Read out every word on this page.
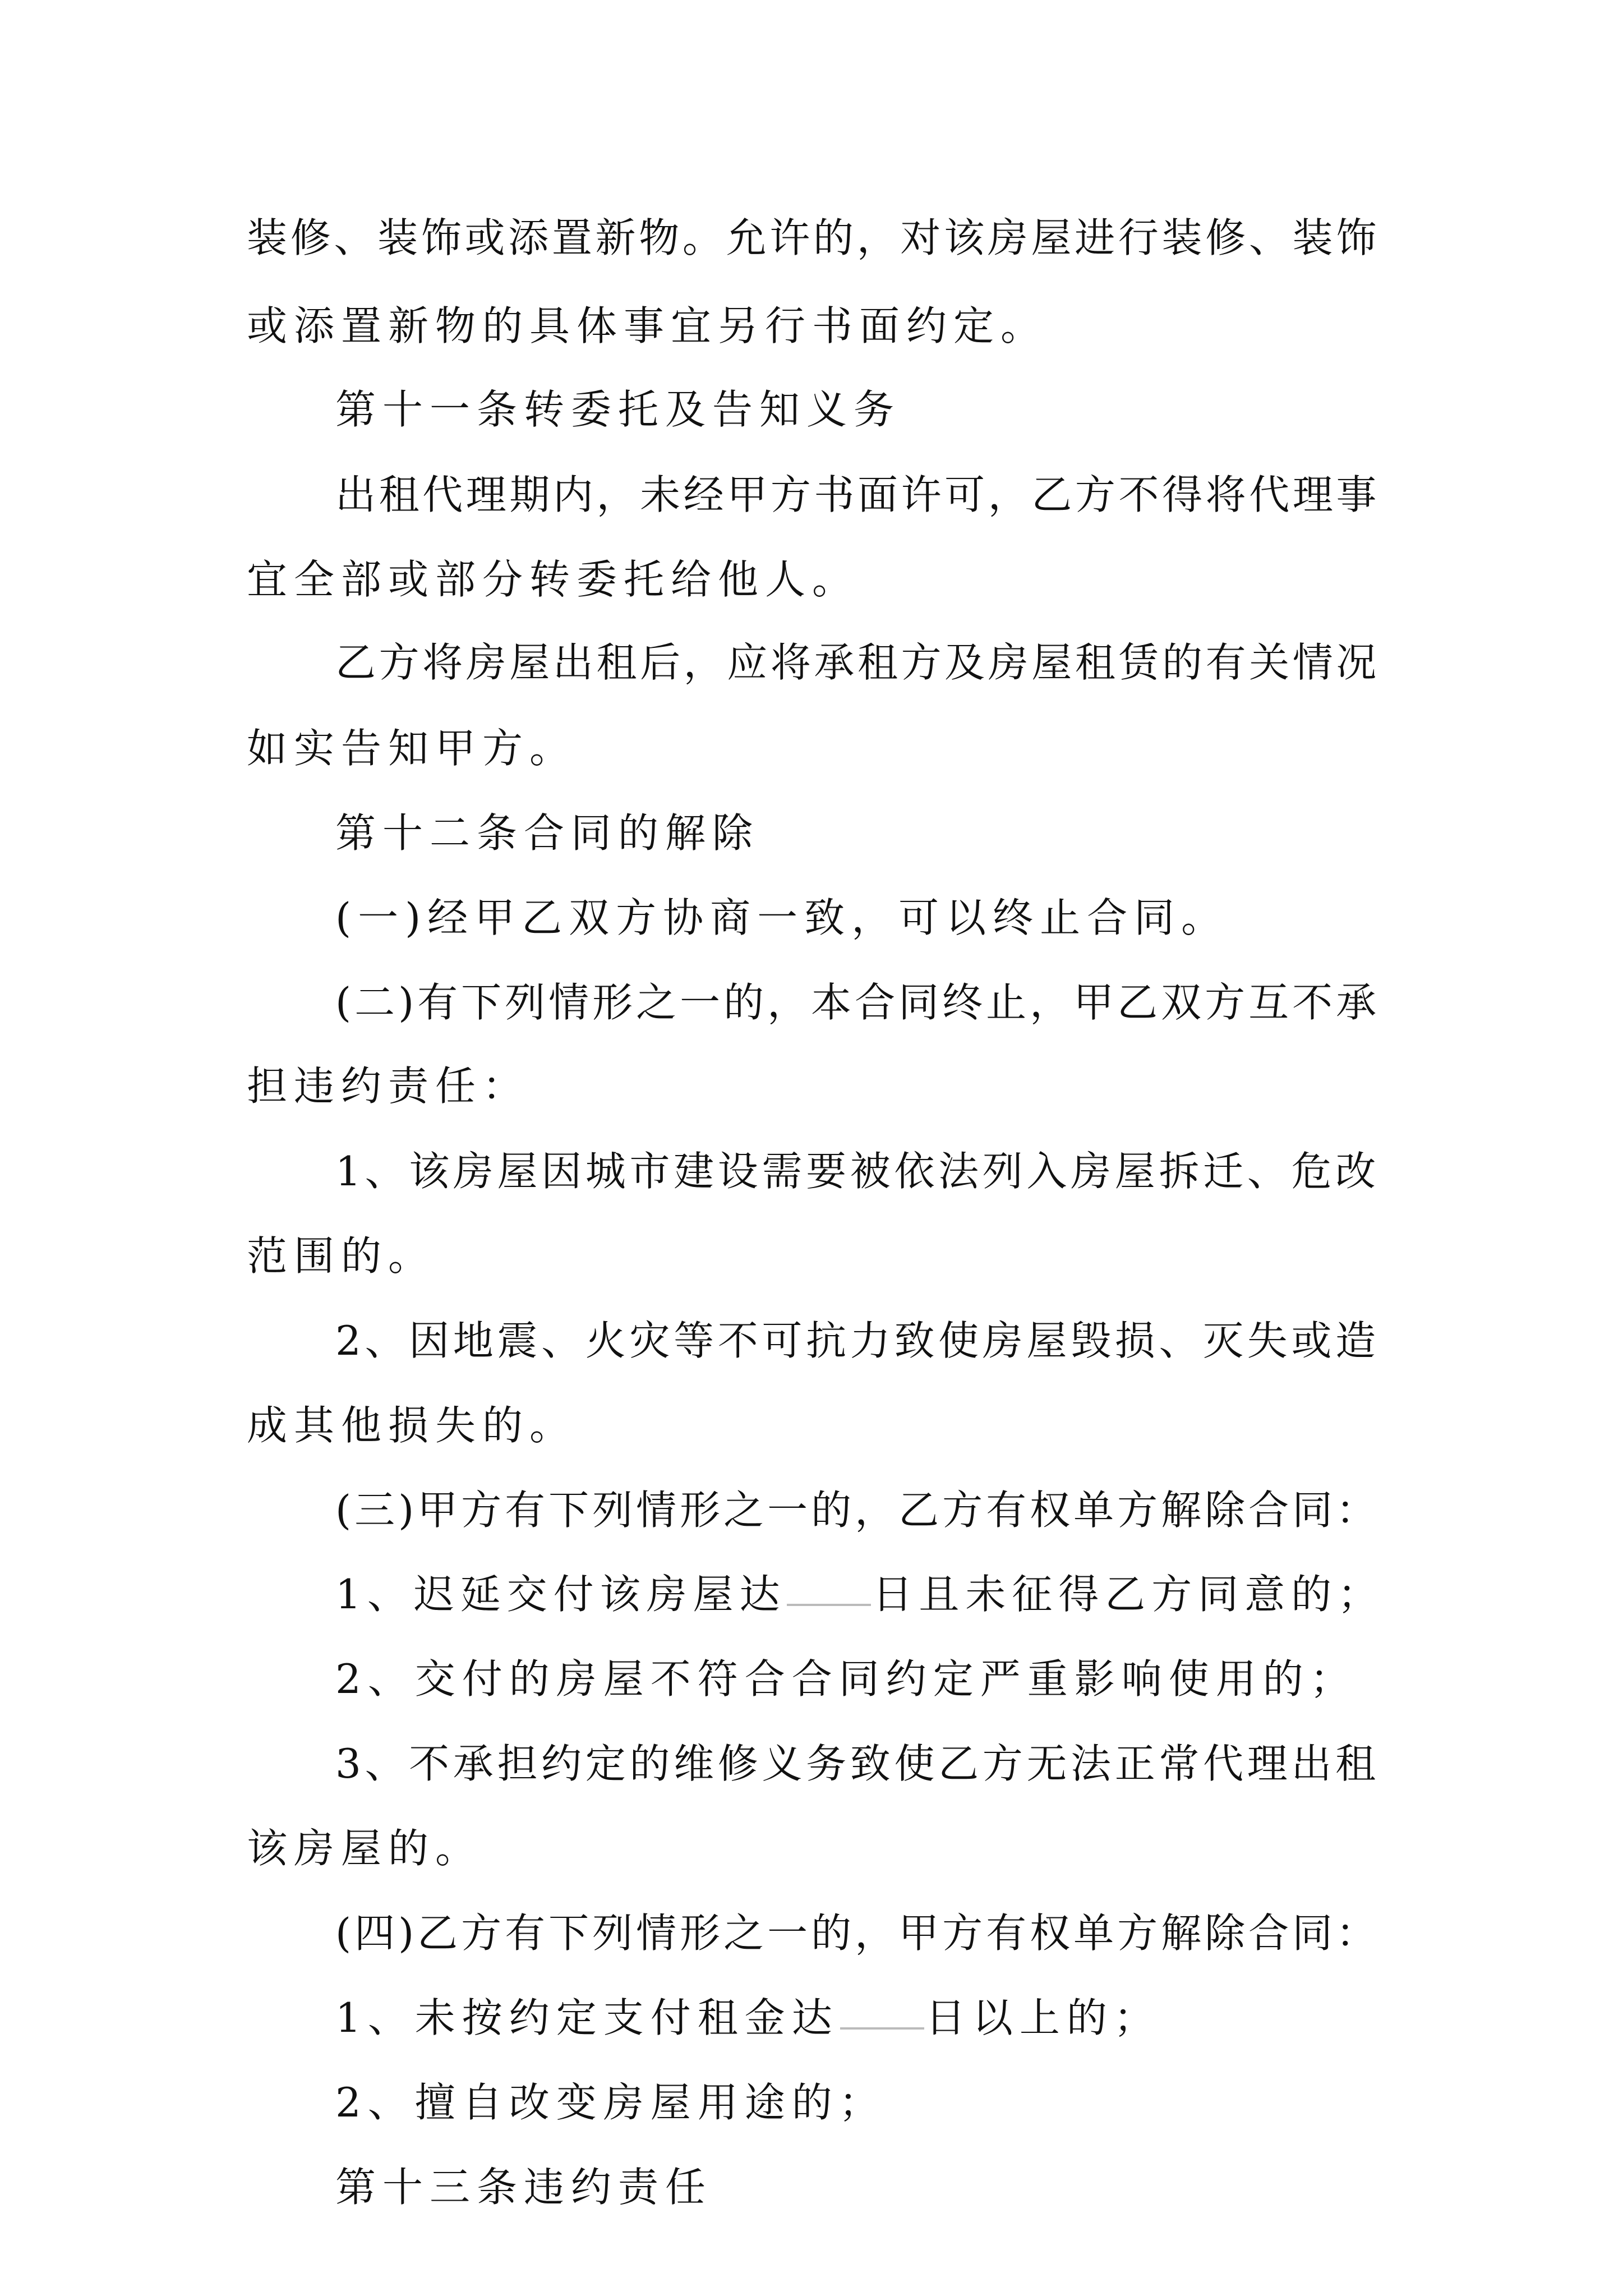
装修、装饰或添置新物。允许的，对该房屋进行装修、装饰
或添置新物的具体事宜另行书面约定。
第十一条转委托及告知义务
出租代理期内，未经甲方书面许可，乙方不得将代理事
宜全部或部分转委托给他人。
乙方将房屋出租后，应将承租方及房屋租赁的有关情况
如实告知甲方。
第十二条合同的解除
(一)经甲乙双方协商一致，可以终止合同。
(二)有下列情形之一的，本合同终止，甲乙双方互不承
担违约责任：
1、该房屋因城市建设需要被依法列入房屋拆迁、危改
范围的。
2、因地震、火灾等不可抗力致使房屋毁损、灭失或造
成其他损失的。
(三)甲方有下列情形之一的，乙方有权单方解除合同：
1、迟延交付该房屋达 日且未征得乙方同意的；
2、交付的房屋不符合合同约定严重影响使用的；
3、不承担约定的维修义务致使乙方无法正常代理出租
该房屋的。
(四)乙方有下列情形之一的，甲方有权单方解除合同：
1、未按约定支付租金达 日以上的；
2、擅自改变房屋用途的；
第十三条违约责任
